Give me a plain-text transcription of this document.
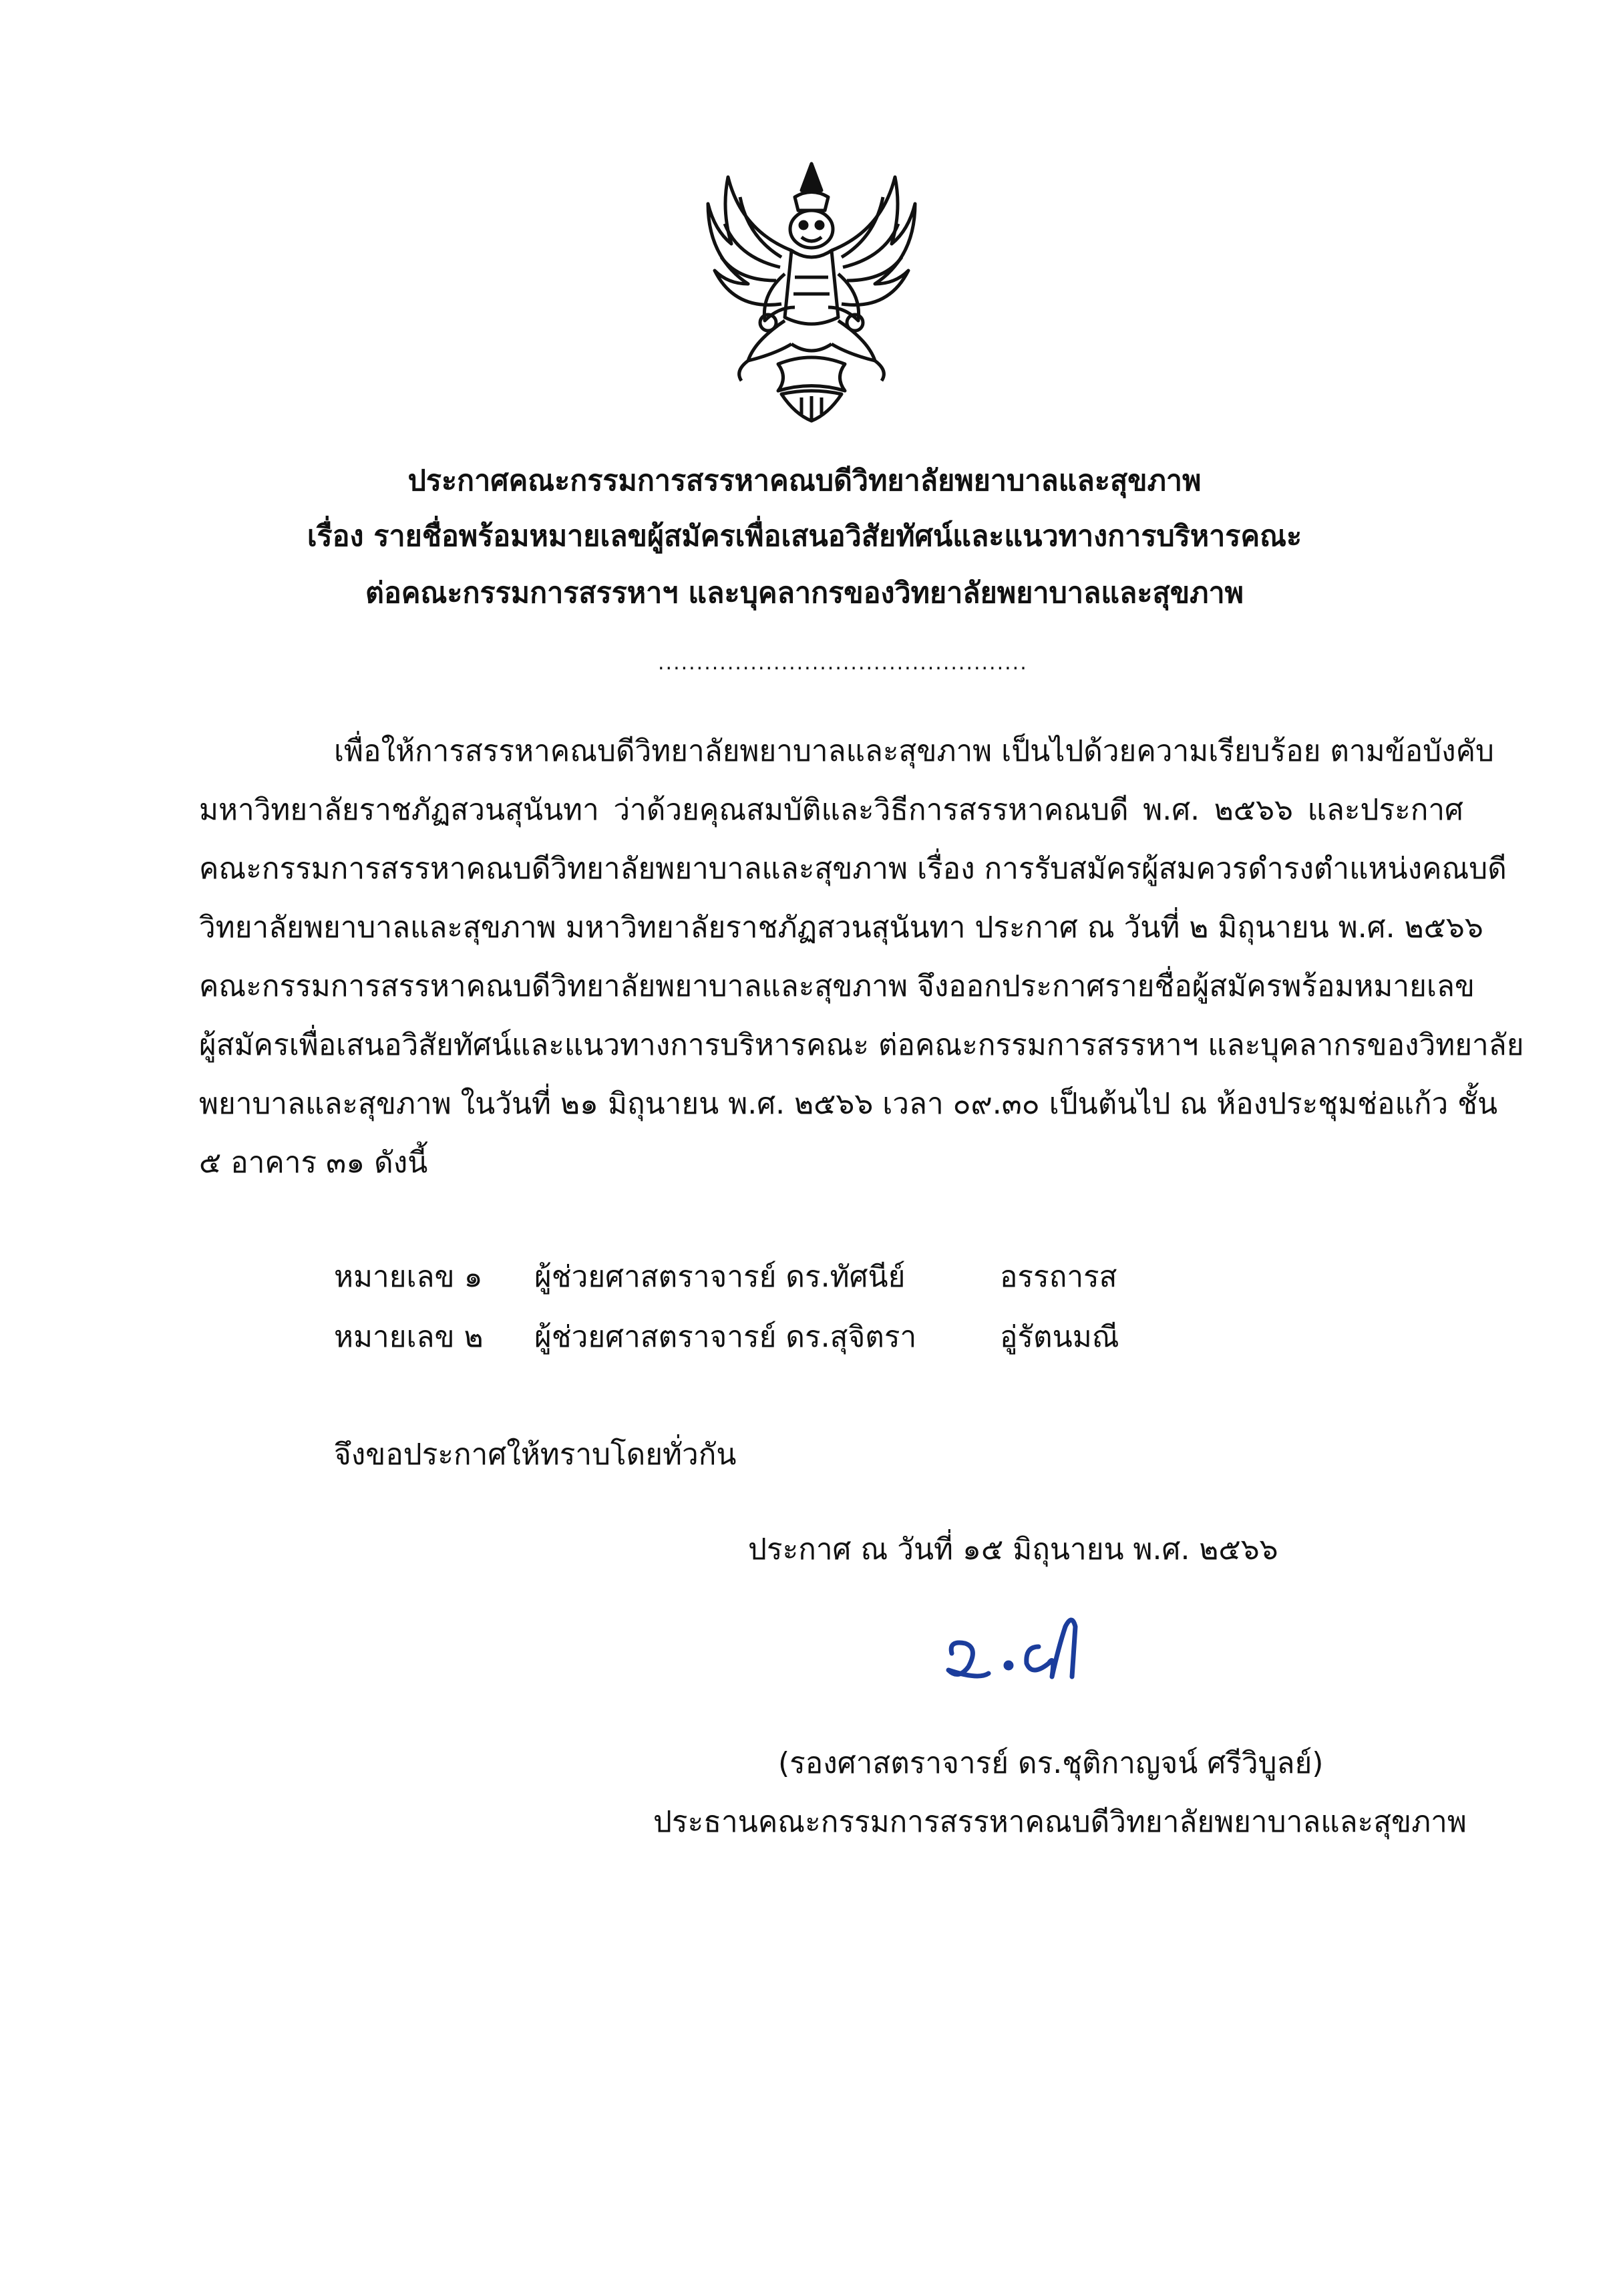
ประกาศคณะกรรมการสรรหาคณบดีวิทยาลัยพยาบาลและสุขภาพ
เรื่อง รายชื่อพร้อมหมายเลขผู้สมัครเพื่อเสนอวิสัยทัศน์และแนวทางการบริหารคณะ
ต่อคณะกรรมการสรรหาฯ และบุคลากรของวิทยาลัยพยาบาลและสุขภาพ
................................................
เพื่อให้การสรรหาคณบดีวิทยาลัยพยาบาลและสุขภาพ เป็นไปด้วยความเรียบร้อย ตามข้อบังคับ
มหาวิทยาลัยราชภัฏสวนสุนันทา ว่าด้วยคุณสมบัติและวิธีการสรรหาคณบดี พ.ศ. ๒๕๖๖ และประกาศ
คณะกรรมการสรรหาคณบดีวิทยาลัยพยาบาลและสุขภาพ เรื่อง การรับสมัครผู้สมควรดำรงตำแหน่งคณบดี
วิทยาลัยพยาบาลและสุขภาพ มหาวิทยาลัยราชภัฏสวนสุนันทา ประกาศ ณ วันที่ ๒ มิถุนายน พ.ศ. ๒๕๖๖
คณะกรรมการสรรหาคณบดีวิทยาลัยพยาบาลและสุขภาพ จึงออกประกาศรายชื่อผู้สมัครพร้อมหมายเลข
ผู้สมัครเพื่อเสนอวิสัยทัศน์และแนวทางการบริหารคณะ ต่อคณะกรรมการสรรหาฯ และบุคลากรของวิทยาลัย
พยาบาลและสุขภาพ ในวันที่ ๒๑ มิถุนายน พ.ศ. ๒๕๖๖ เวลา ๐๙.๓๐ เป็นต้นไป ณ ห้องประชุมช่อแก้ว ชั้น
๕ อาคาร ๓๑ ดังนี้
หมายเลข ๑ ผู้ช่วยศาสตราจารย์ ดร.ทัศนีย์	อรรถารส
หมายเลข ๒ ผู้ช่วยศาสตราจารย์ ดร.สุจิตรา	อู่รัตนมณี
จึงขอประกาศให้ทราบโดยทั่วกัน
ประกาศ ณ วันที่ ๑๕ มิถุนายน พ.ศ. ๒๕๖๖
(รองศาสตราจารย์ ดร.ชุติกาญจน์ ศรีวิบูลย์)
ประธานคณะกรรมการสรรหาคณบดีวิทยาลัยพยาบาลและสุขภาพ
